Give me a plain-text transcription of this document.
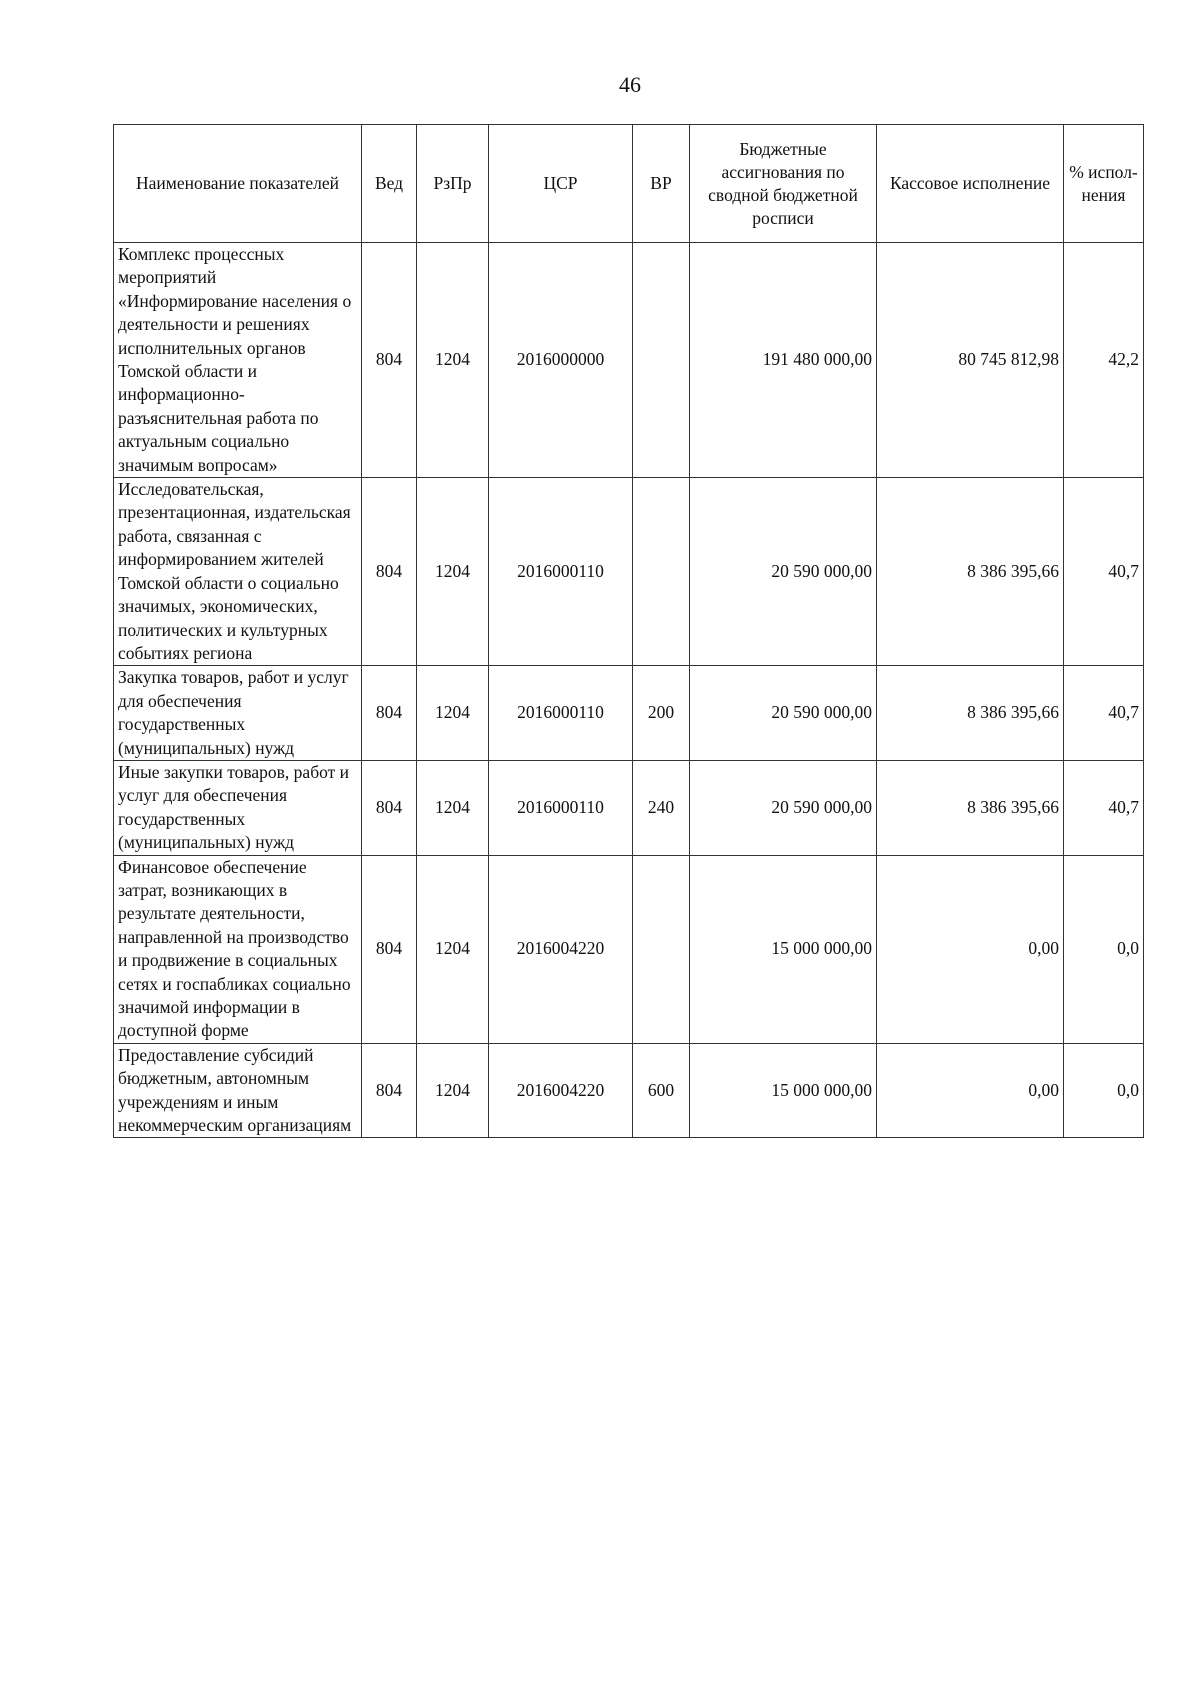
46
Наименование показателей	Вед	РзПр	ЦСР	ВР	Бюджетные ассигнования по сводной бюджетной росписи	Кассовое исполнение	% испол-нения
Комплекс процессных мероприятий «Информирование населения о деятельности и решениях исполнительных органов Томской области и информационно-разъяснительная работа по актуальным социально значимым вопросам»	804	1204	2016000000		191 480 000,00	80 745 812,98	42,2
Исследовательская, презентационная, издательская работа, связанная с информированием жителей Томской области о социально значимых, экономических, политических и культурных событиях региона	804	1204	2016000110		20 590 000,00	8 386 395,66	40,7
Закупка товаров, работ и услуг для обеспечения государственных (муниципальных) нужд	804	1204	2016000110	200	20 590 000,00	8 386 395,66	40,7
Иные закупки товаров, работ и услуг для обеспечения государственных (муниципальных) нужд	804	1204	2016000110	240	20 590 000,00	8 386 395,66	40,7
Финансовое обеспечение затрат, возникающих в результате деятельности, направленной на производство и продвижение в социальных сетях и госпабликах социально значимой информации в доступной форме	804	1204	2016004220		15 000 000,00	0,00	0,0
Предоставление субсидий бюджетным, автономным учреждениям и иным некоммерческим организациям	804	1204	2016004220	600	15 000 000,00	0,00	0,0
